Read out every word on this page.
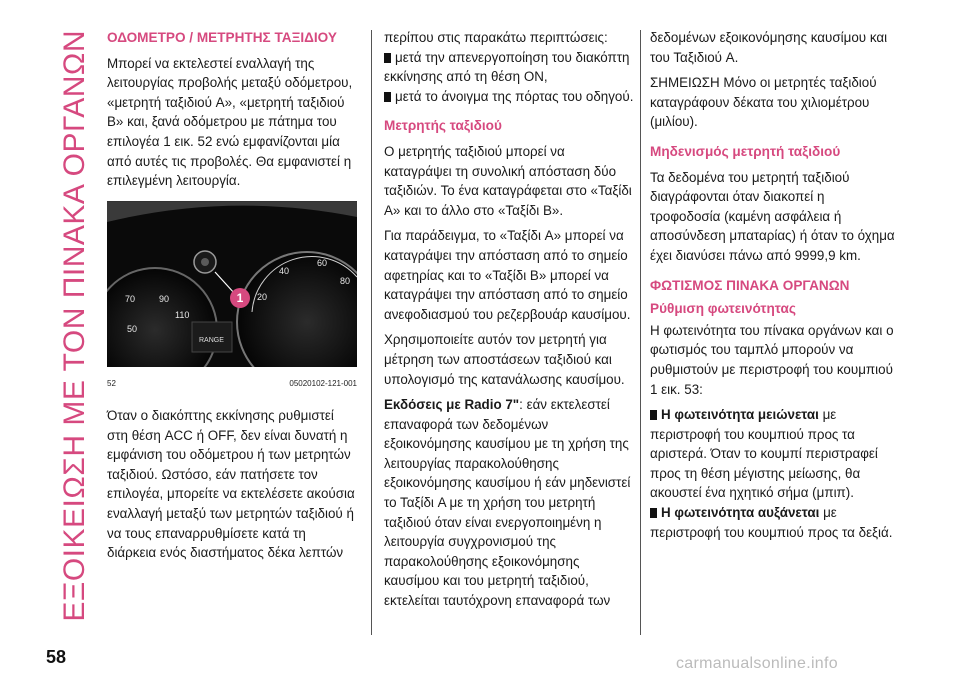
ΕΞΟΙΚΕΙΩΣΗ ΜΕ ΤΟΝ ΠΙΝΑΚΑ ΟΡΓΑΝΩΝ
58
ΟΔΟΜΕΤΡΟ / ΜΕΤΡΗΤΗΣ ΤΑΞΙΔΙΟΥ

Μπορεί να εκτελεστεί εναλλαγή της λειτουργίας προβολής μεταξύ οδόμετρου, «μετρητή ταξιδιού A», «μετρητή ταξιδιού B» και, ξανά οδόμετρου με πάτημα του επιλογέα 1 εικ. 52 ενώ εμφανίζονται μία από αυτές τις προβολές. Θα εμφανιστεί η επιλεγμένη λειτουργία.

20
40
60
80
70	90
50
110
RANGE
1
52	05020102-121-001

Όταν ο διακόπτης εκκίνησης ρυθμιστεί στη θέση ACC ή OFF, δεν είναι δυνατή η εμφάνιση του οδόμετρου ή των μετρητών ταξιδιού. Ωστόσο, εάν πατήσετε τον επιλογέα, μπορείτε να εκτελέσετε ακούσια εναλλαγή μεταξύ των μετρητών ταξιδιού ή να τους επαναρρυθμίσετε κατά τη διάρκεια ενός διαστήματος δέκα λεπτών

περίπου στις παρακάτω περιπτώσεις:

μετά την απενεργοποίηση του διακόπτη εκκίνησης από τη θέση ON,

μετά το άνοιγμα της πόρτας του οδηγού.

Μετρητής ταξιδιού

Ο μετρητής ταξιδιού μπορεί να καταγράψει τη συνολική απόσταση δύο ταξιδιών. Το ένα καταγράφεται στο «Ταξίδι A» και το άλλο στο «Ταξίδι B».

Για παράδειγμα, το «Ταξίδι A» μπορεί να καταγράψει την απόσταση από το σημείο αφετηρίας και το «Ταξίδι B» μπορεί να καταγράψει την απόσταση από το σημείο ανεφοδιασμού του ρεζερβουάρ καυσίμου.

Χρησιμοποιείτε αυτόν τον μετρητή για μέτρηση των αποστάσεων ταξιδιού και υπολογισμό της κατανάλωσης καυσίμου.

Εκδόσεις με Radio 7": εάν εκτελεστεί επαναφορά των δεδομένων εξοικονόμησης καυσίμου με τη χρήση της λειτουργίας παρακολούθησης εξοικονόμησης καυσίμου ή εάν μηδενιστεί το Ταξίδι A με τη χρήση του μετρητή ταξιδιού όταν είναι ενεργοποιημένη η λειτουργία συγχρονισμού της παρακολούθησης εξοικονόμησης καυσίμου και του μετρητή ταξιδιού, εκτελείται ταυτόχρονη επαναφορά των

δεδομένων εξοικονόμησης καυσίμου και του Ταξιδιού A.

ΣΗΜΕΙΩΣΗ Μόνο οι μετρητές ταξιδιού καταγράφουν δέκατα του χιλιομέτρου (μιλίου).

Μηδενισμός μετρητή ταξιδιού

Τα δεδομένα του μετρητή ταξιδιού διαγράφονται όταν διακοπεί η τροφοδοσία (καμένη ασφάλεια ή αποσύνδεση μπαταρίας) ή όταν το όχημα έχει διανύσει πάνω από 9999,9 km.

ΦΩΤΙΣΜΟΣ ΠΙΝΑΚΑ ΟΡΓΑΝΩΝ
Ρύθμιση φωτεινότητας

Η φωτεινότητα του πίνακα οργάνων και ο φωτισμός του ταμπλό μπορούν να ρυθμιστούν με περιστροφή του κουμπιού 1 εικ. 53:

Η φωτεινότητα μειώνεται με περιστροφή του κουμπιού προς τα αριστερά. Όταν το κουμπί περιστραφεί προς τη θέση μέγιστης μείωσης, θα ακουστεί ένα ηχητικό σήμα (μπιπ).

Η φωτεινότητα αυξάνεται με περιστροφή του κουμπιού προς τα δεξιά.

carmanualsonline.info
